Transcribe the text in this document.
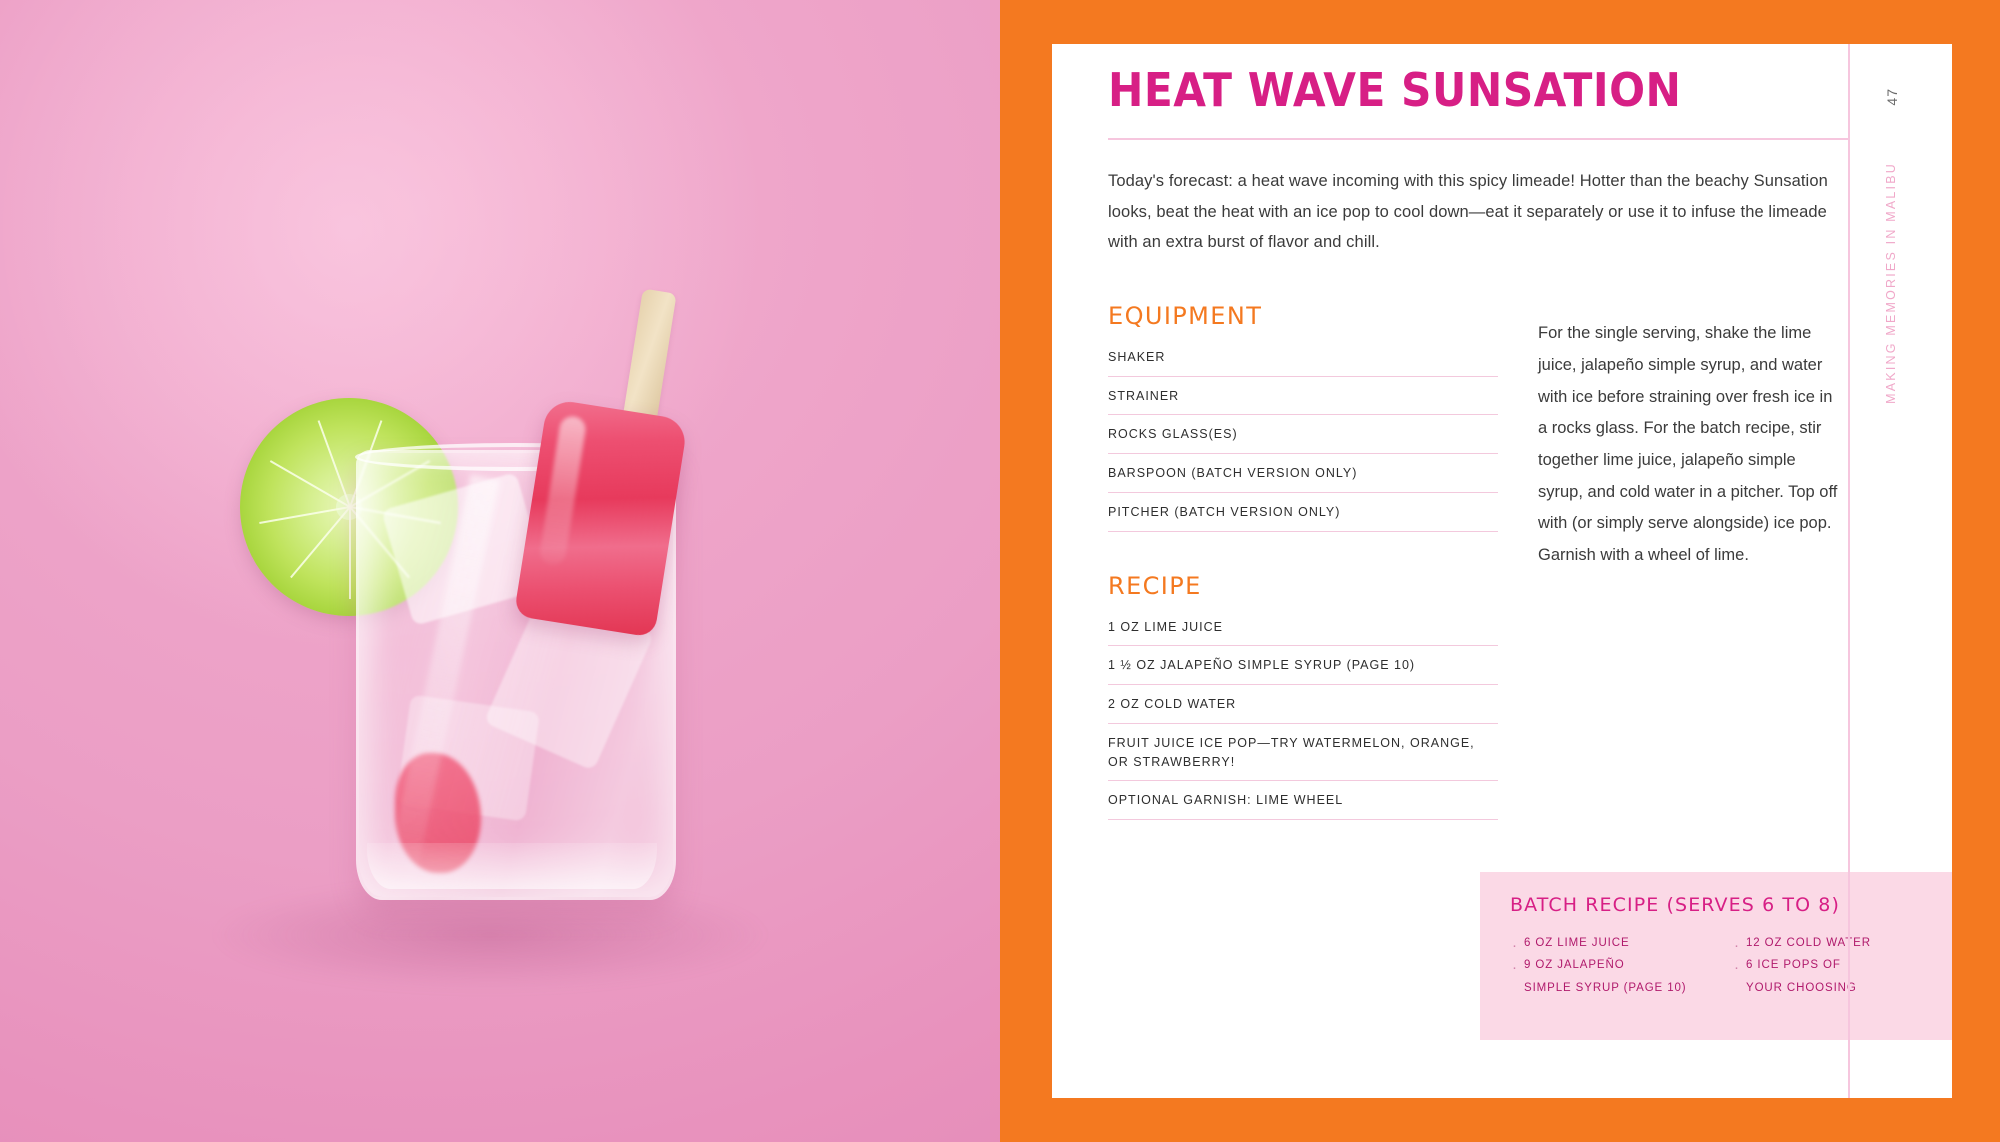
HEAT WAVE SUNSATION

Today's forecast: a heat wave incoming with this spicy limeade! Hotter than the beachy Sunsation looks, beat the heat with an ice pop to cool down—eat it separately or use it to infuse the limeade with an extra burst of flavor and chill.

EQUIPMENT
SHAKER
STRAINER
ROCKS GLASS(ES)
BARSPOON (BATCH VERSION ONLY)
PITCHER (BATCH VERSION ONLY)
RECIPE
1 OZ LIME JUICE
1 ½ OZ JALAPEÑO SIMPLE SYRUP (PAGE 10)
2 OZ COLD WATER
FRUIT JUICE ICE POP—TRY WATERMELON, ORANGE, OR STRAWBERRY!
OPTIONAL GARNISH: LIME WHEEL

For the single serving, shake the lime juice, jalapeño simple syrup, and water with ice before straining over fresh ice in a rocks glass. For the batch recipe, stir together lime juice, jalapeño simple syrup, and cold water in a pitcher. Top off with (or simply serve alongside) ice pop. Garnish with a wheel of lime.

BATCH RECIPE (SERVES 6 TO 8)
· 6 OZ LIME JUICE
· 9 OZ JALAPEÑO
SIMPLE SYRUP (PAGE 10)
· 12 OZ COLD WATER
· 6 ICE POPS OF
YOUR CHOOSING
47
MAKING MEMORIES IN MALIBU
